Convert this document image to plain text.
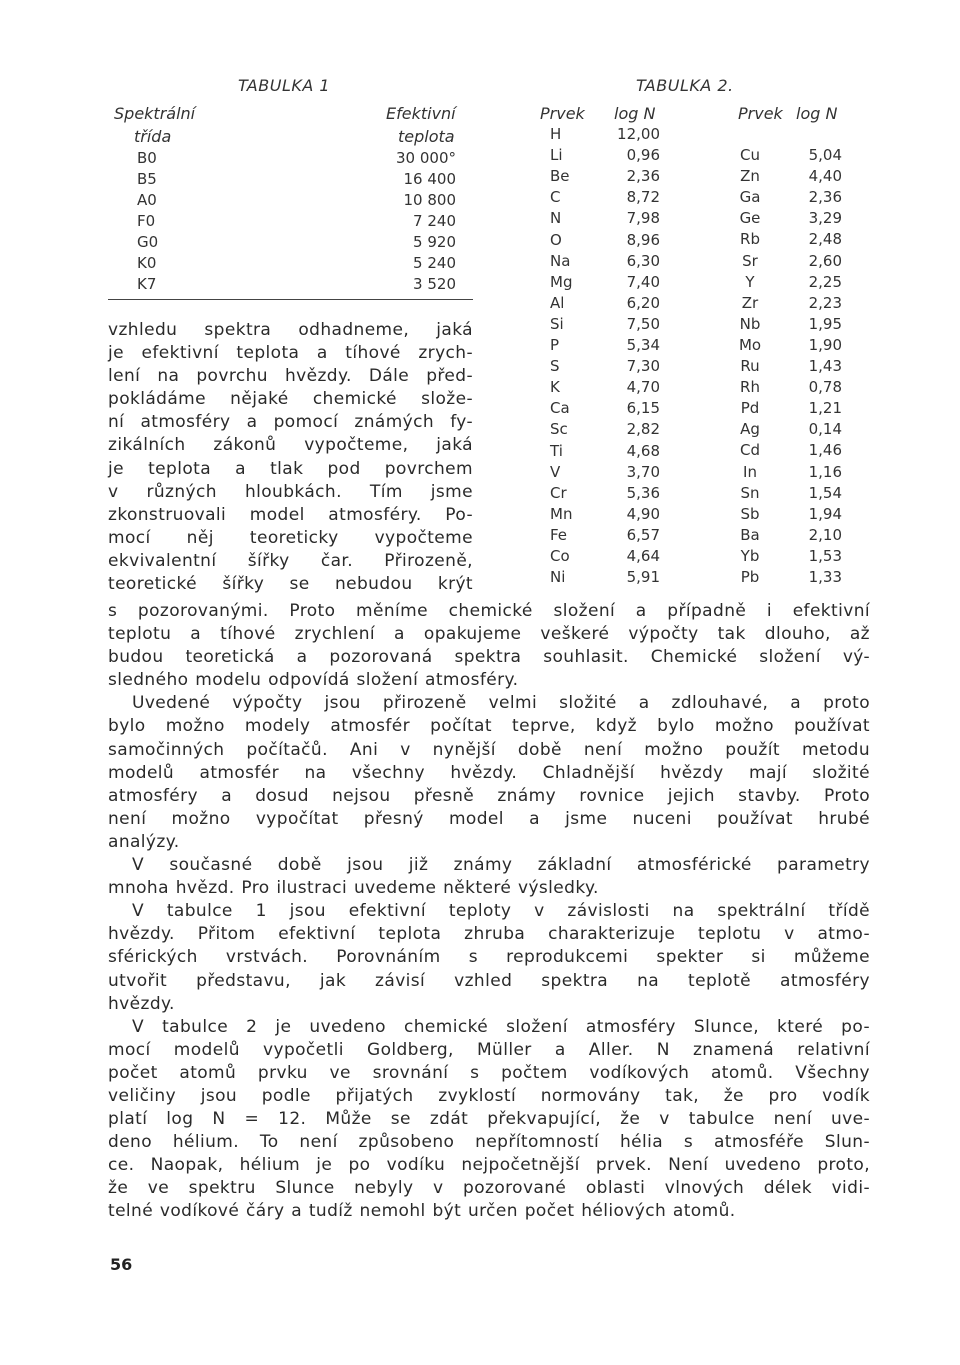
TABULKA 1
Spektrální
třída
Efektivní
teplota
B0	30 000°
B5	16 400
A0	10 800
F0	7 240
G0	5 920
K0	5 240
K7	3 520
TABULKA 2.
Prvek log N	Prvek log N
H	12,00
Li	0,96
Be	2,36
C	8,72
N	7,98
O	8,96
Na	6,30
Mg	7,40
Al	6,20
Si	7,50
P	5,34
S	7,30
K	4,70
Ca	6,15
Sc	2,82
Ti	4,68
V	3,70
Cr	5,36
Mn	4,90
Fe	6,57
Co	4,64
Ni	5,91
Cu	5,04
Zn	4,40
Ga	2,36
Ge	3,29
Rb	2,48
Sr	2,60
Y	2,25
Zr	2,23
Nb	1,95
Mo	1,90
Ru	1,43
Rh	0,78
Pd	1,21
Ag	0,14
Cd	1,46
In	1,16
Sn	1,54
Sb	1,94
Ba	2,10
Yb	1,53
Pb	1,33
vzhledu spektra odhadneme, jaká
je efektivní teplota a tíhové zrych-
lení na povrchu hvězdy. Dále před-
pokládáme nějaké chemické slože-
ní atmosféry a pomocí známých fy-
zikálních zákonů vypočteme, jaká
je teplota a tlak pod povrchem
v různých hloubkách. Tím jsme
zkonstruovali model atmosféry. Po-
mocí něj teoreticky vypočteme
ekvivalentní šířky čar. Přirozeně,
teoretické šířky se nebudou krýt
s pozorovanými. Proto měníme chemické složení a případně i efektivní
teplotu a tíhové zrychlení a opakujeme veškeré výpočty tak dlouho, až
budou teoretická a pozorovaná spektra souhlasit. Chemické složení vý-
sledného modelu odpovídá složení atmosféry.
Uvedené výpočty jsou přirozeně velmi složité a zdlouhavé, a proto
bylo možno modely atmosfér počítat teprve, když bylo možno používat
samočinných počítačů. Ani v nynější době není možno použít metodu
modelů atmosfér na všechny hvězdy. Chladnější hvězdy mají složité
atmosféry a dosud nejsou přesně známy rovnice jejich stavby. Proto
není možno vypočítat přesný model a jsme nuceni používat hrubé
analýzy.
V současné době jsou již známy základní atmosférické parametry
mnoha hvězd. Pro ilustraci uvedeme některé výsledky.
V tabulce 1 jsou efektivní teploty v závislosti na spektrální třídě
hvězdy. Přitom efektivní teplota zhruba charakterizuje teplotu v atmo-
sférických vrstvách. Porovnáním s reprodukcemi spekter si můžeme
utvořit představu, jak závisí vzhled spektra na teplotě atmosféry
hvězdy.
V tabulce 2 je uvedeno chemické složení atmosféry Slunce, které po-
mocí modelů vypočetli Goldberg, Müller a Aller. N znamená relativní
počet atomů prvku ve srovnání s počtem vodíkových atomů. Všechny
veličiny jsou podle přijatých zvyklostí normovány tak, že pro vodík
platí log N = 12. Může se zdát překvapující, že v tabulce není uve-
deno hélium. To není způsobeno nepřítomností hélia s atmosféře Slun-
ce. Naopak, hélium je po vodíku nejpočetnější prvek. Není uvedeno proto,
že ve spektru Slunce nebyly v pozorované oblasti vlnových délek vidi-
telné vodíkové čáry a tudíž nemohl být určen počet héliových atomů.
56
